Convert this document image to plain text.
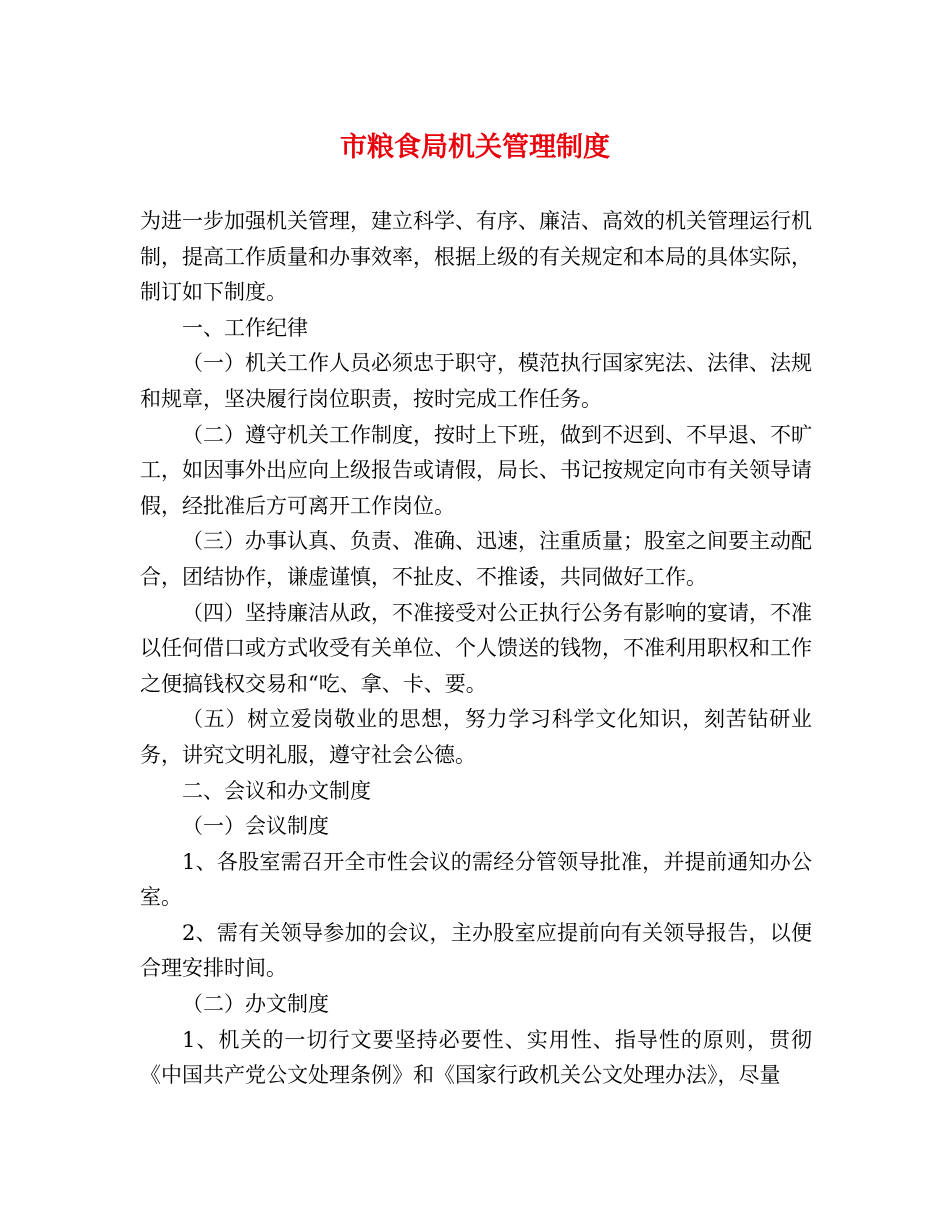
市粮食局机关管理制度

为进一步加强机关管理，建立科学、有序、廉洁、高效的机关管理运行机制，提高工作质量和办事效率，根据上级的有关规定和本局的具体实际，制订如下制度。

一、工作纪律

（一）机关工作人员必须忠于职守，模范执行国家宪法、法律、法规和规章，坚决履行岗位职责，按时完成工作任务。

（二）遵守机关工作制度，按时上下班，做到不迟到、不早退、不旷工，如因事外出应向上级报告或请假，局长、书记按规定向市有关领导请假，经批准后方可离开工作岗位。

（三）办事认真、负责、准确、迅速，注重质量；股室之间要主动配合，团结协作，谦虚谨慎，不扯皮、不推诿，共同做好工作。

（四）坚持廉洁从政，不准接受对公正执行公务有影响的宴请，不准以任何借口或方式收受有关单位、个人馈送的钱物，不准利用职权和工作之便搞钱权交易和“吃、拿、卡、要。

（五）树立爱岗敬业的思想，努力学习科学文化知识，刻苦钻研业务，讲究文明礼服，遵守社会公德。

二、会议和办文制度

（一）会议制度

1、各股室需召开全市性会议的需经分管领导批准，并提前通知办公室。

2、需有关领导参加的会议，主办股室应提前向有关领导报告，以便合理安排时间。

（二）办文制度

1、机关的一切行文要坚持必要性、实用性、指导性的原则，贯彻《中国共产党公文处理条例》和《国家行政机关公文处理办法》，尽量
